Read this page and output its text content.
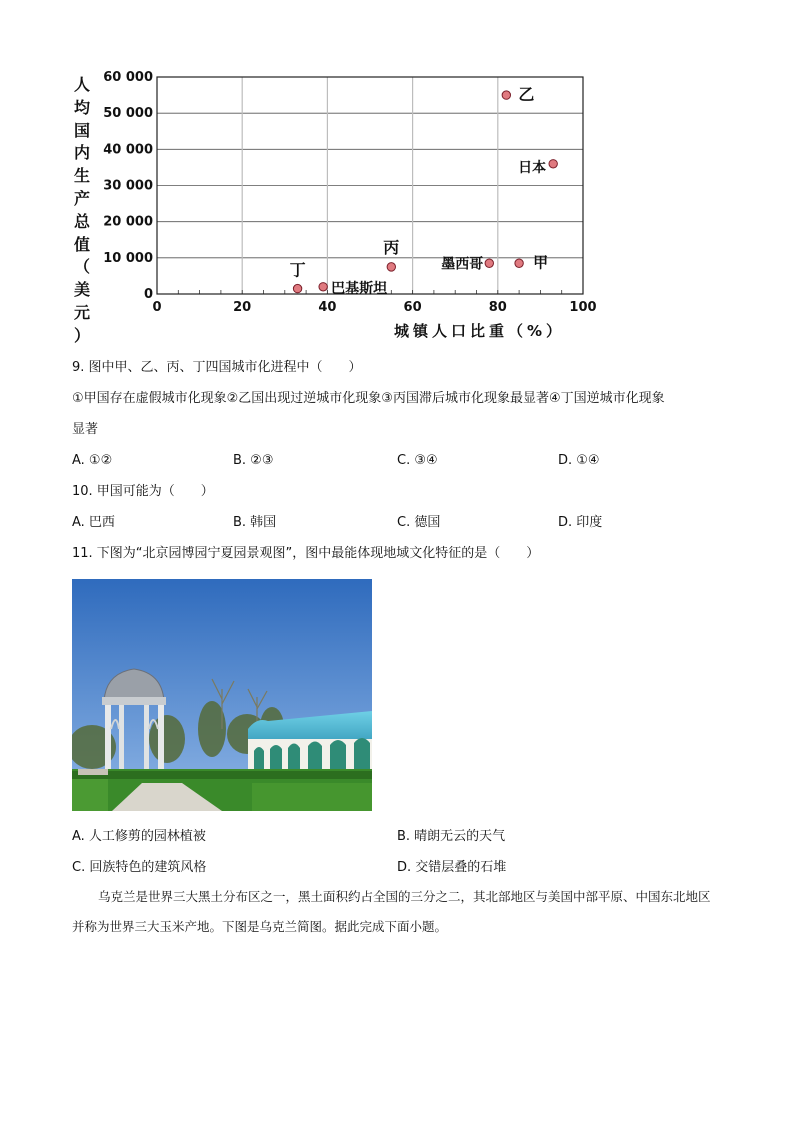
0
10 000
20 000
30 000
40 000
50 000
60 000
0	20	40	60	80	100
乙
日本
丙
墨西哥	甲
丁
巴基斯坦
人
均
国
内
生
产
总
值
（
美
元
）	城镇人口比重（%）
9. 图中甲、乙、丙、丁四国城市化进程中（　　）
①甲国存在虚假城市化现象②乙国出现过逆城市化现象③丙国滞后城市化现象最显著④丁国逆城市化现象
显著
A. ①②	B. ②③	C. ③④	D. ①④
10. 甲国可能为（　　）
A. 巴西	B. 韩国	C. 德国	D. 印度
11. 下图为“北京园博园宁夏园景观图”，图中最能体现地域文化特征的是（　　）
A. 人工修剪的园林植被	B. 晴朗无云的天气
C. 回族特色的建筑风格	D. 交错层叠的石堆
乌克兰是世界三大黑土分布区之一，黑土面积约占全国的三分之二，其北部地区与美国中部平原、中国东北地区并称为世界三大玉米产地。下图是乌克兰简图。据此完成下面小题。
